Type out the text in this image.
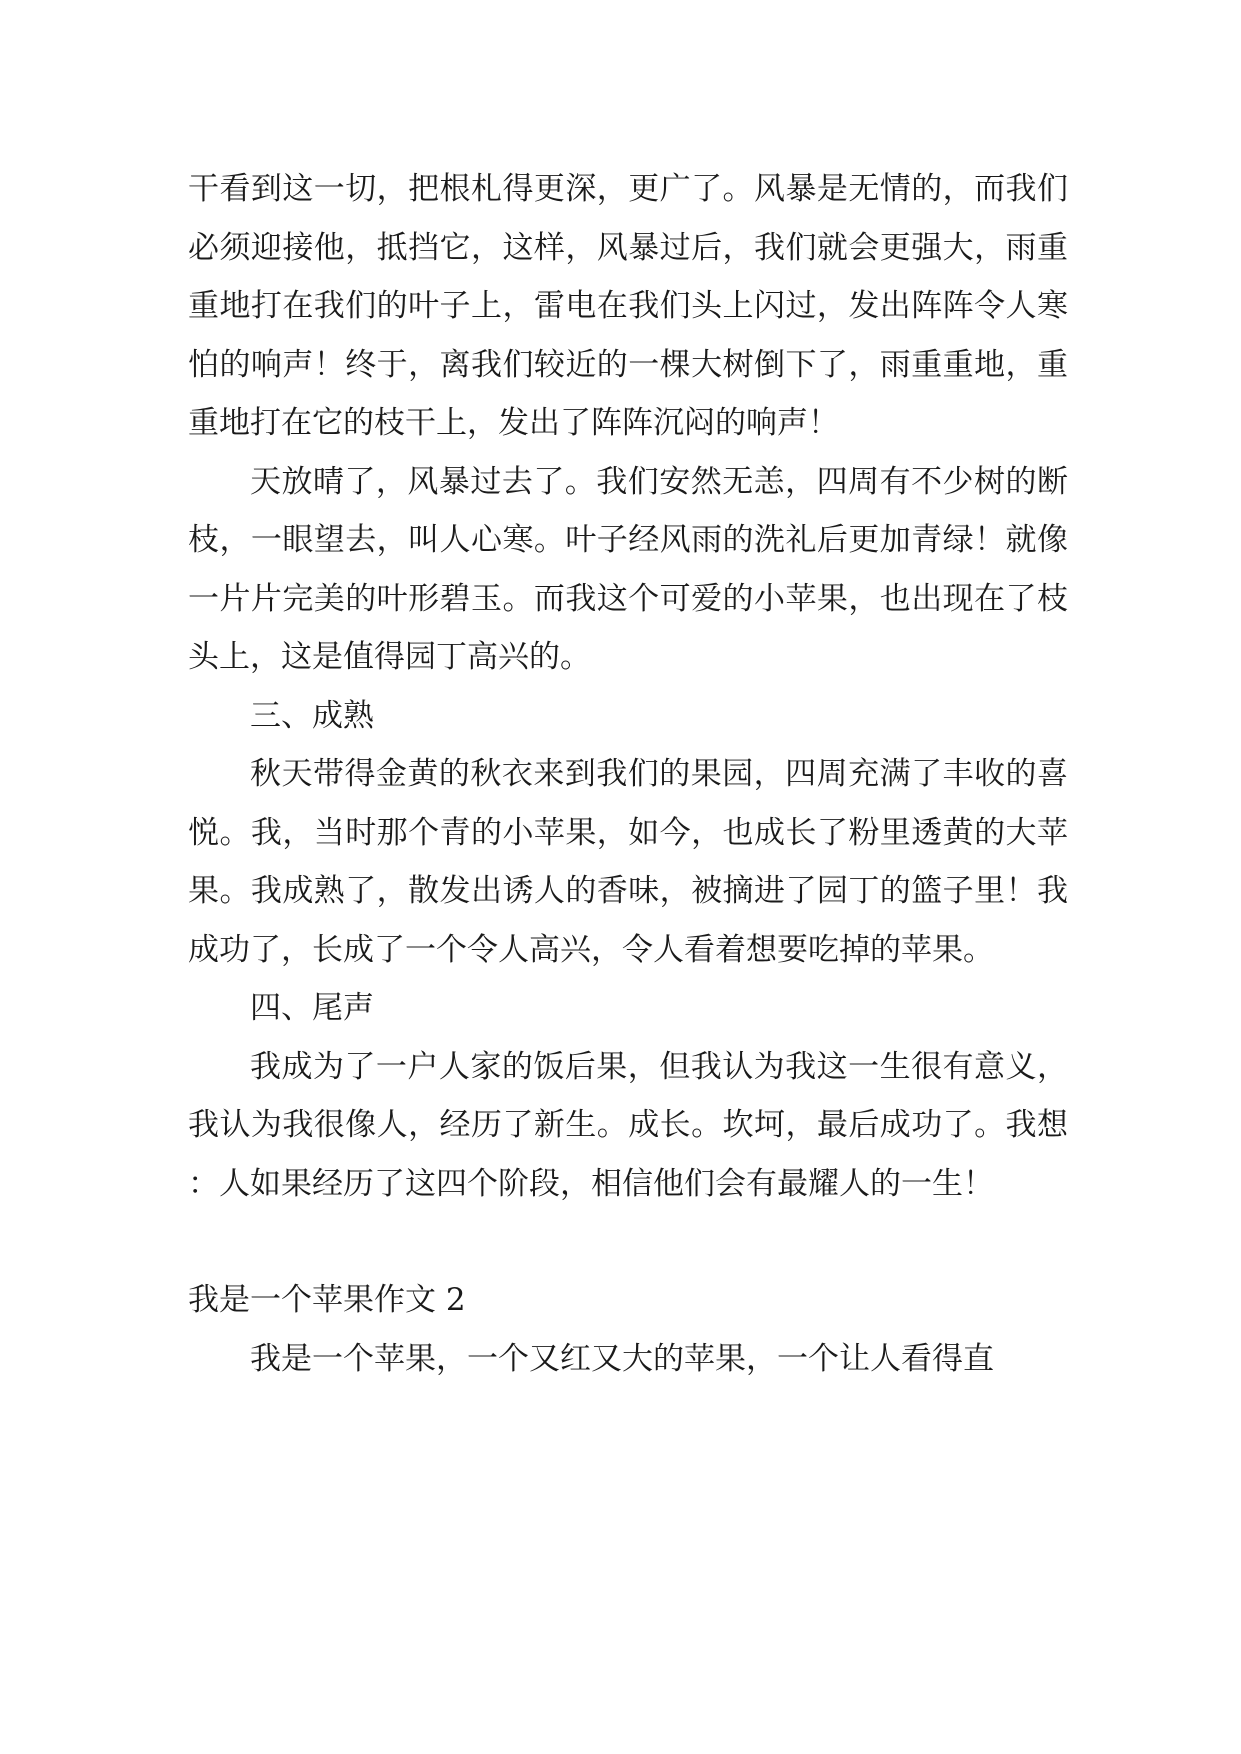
干看到这一切，把根札得更深，更广了。风暴是无情的，而我们必须迎接他，抵挡它，这样，风暴过后，我们就会更强大，雨重重地打在我们的叶子上，雷电在我们头上闪过，发出阵阵令人寒怕的响声！终于，离我们较近的一棵大树倒下了，雨重重地，重重地打在它的枝干上，发出了阵阵沉闷的响声！

天放晴了，风暴过去了。我们安然无恙，四周有不少树的断枝，一眼望去，叫人心寒。叶子经风雨的洗礼后更加青绿！就像一片片完美的叶形碧玉。而我这个可爱的小苹果，也出现在了枝头上，这是值得园丁高兴的。

三、成熟

秋天带得金黄的秋衣来到我们的果园，四周充满了丰收的喜悦。我，当时那个青的小苹果，如今，也成长了粉里透黄的大苹果。我成熟了，散发出诱人的香味，被摘进了园丁的篮子里！我成功了，长成了一个令人高兴，令人看着想要吃掉的苹果。

四、尾声

我成为了一户人家的饭后果，但我认为我这一生很有意义，我认为我很像人，经历了新生。成长。坎坷，最后成功了。我想：人如果经历了这四个阶段，相信他们会有最耀人的一生！

我是一个苹果作文 2

我是一个苹果，一个又红又大的苹果，一个让人看得直
